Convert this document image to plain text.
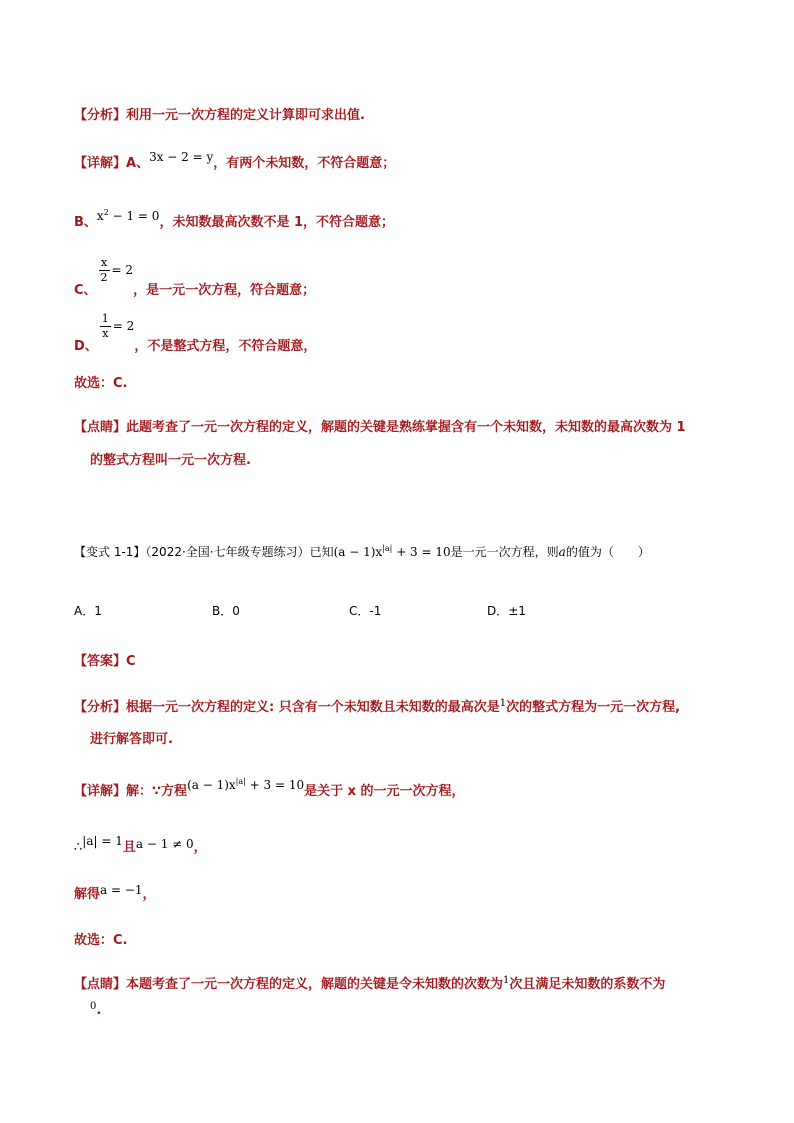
【分析】利用一元一次方程的定义计算即可求出值.
【详解】A、3x − 2 = y，有两个未知数，不符合题意；
B、$x^2 - 1 = 0$，未知数最高次数不是 1，不符合题意；
C、
$\frac{x}{2} = 2$，是一元一次方程，符合题意；
D、
$\frac{1}{x} = 2$，不是整式方程，不符合题意，
故选：C.
【点睛】此题考查了一元一次方程的定义，解题的关键是熟练掌握含有一个未知数，未知数的最高次数为 1
的整式方程叫一元一次方程.
【变式 1-1】（2022·全国·七年级专题练习）已知$(a - 1)x^{|a|} + 3 = 10$是一元一次方程，则a的值为（　　）
A．1	B．0	C．-1	D．±1
【答案】C
【分析】根据一元一次方程的定义: 只含有一个未知数且未知数的最高次是$^1$次的整式方程为一元一次方程,
进行解答即可.
【详解】解：∵方程$(a - 1)x^{|a|} + 3 = 10$是关于 x 的一元一次方程，
∴|a| = 1且a − 1 ≠ 0，
解得a = −1，
故选：C.
【点睛】本题考查了一元一次方程的定义，解题的关键是令未知数的次数为$^1$次且满足未知数的系数不为
$^0$.
